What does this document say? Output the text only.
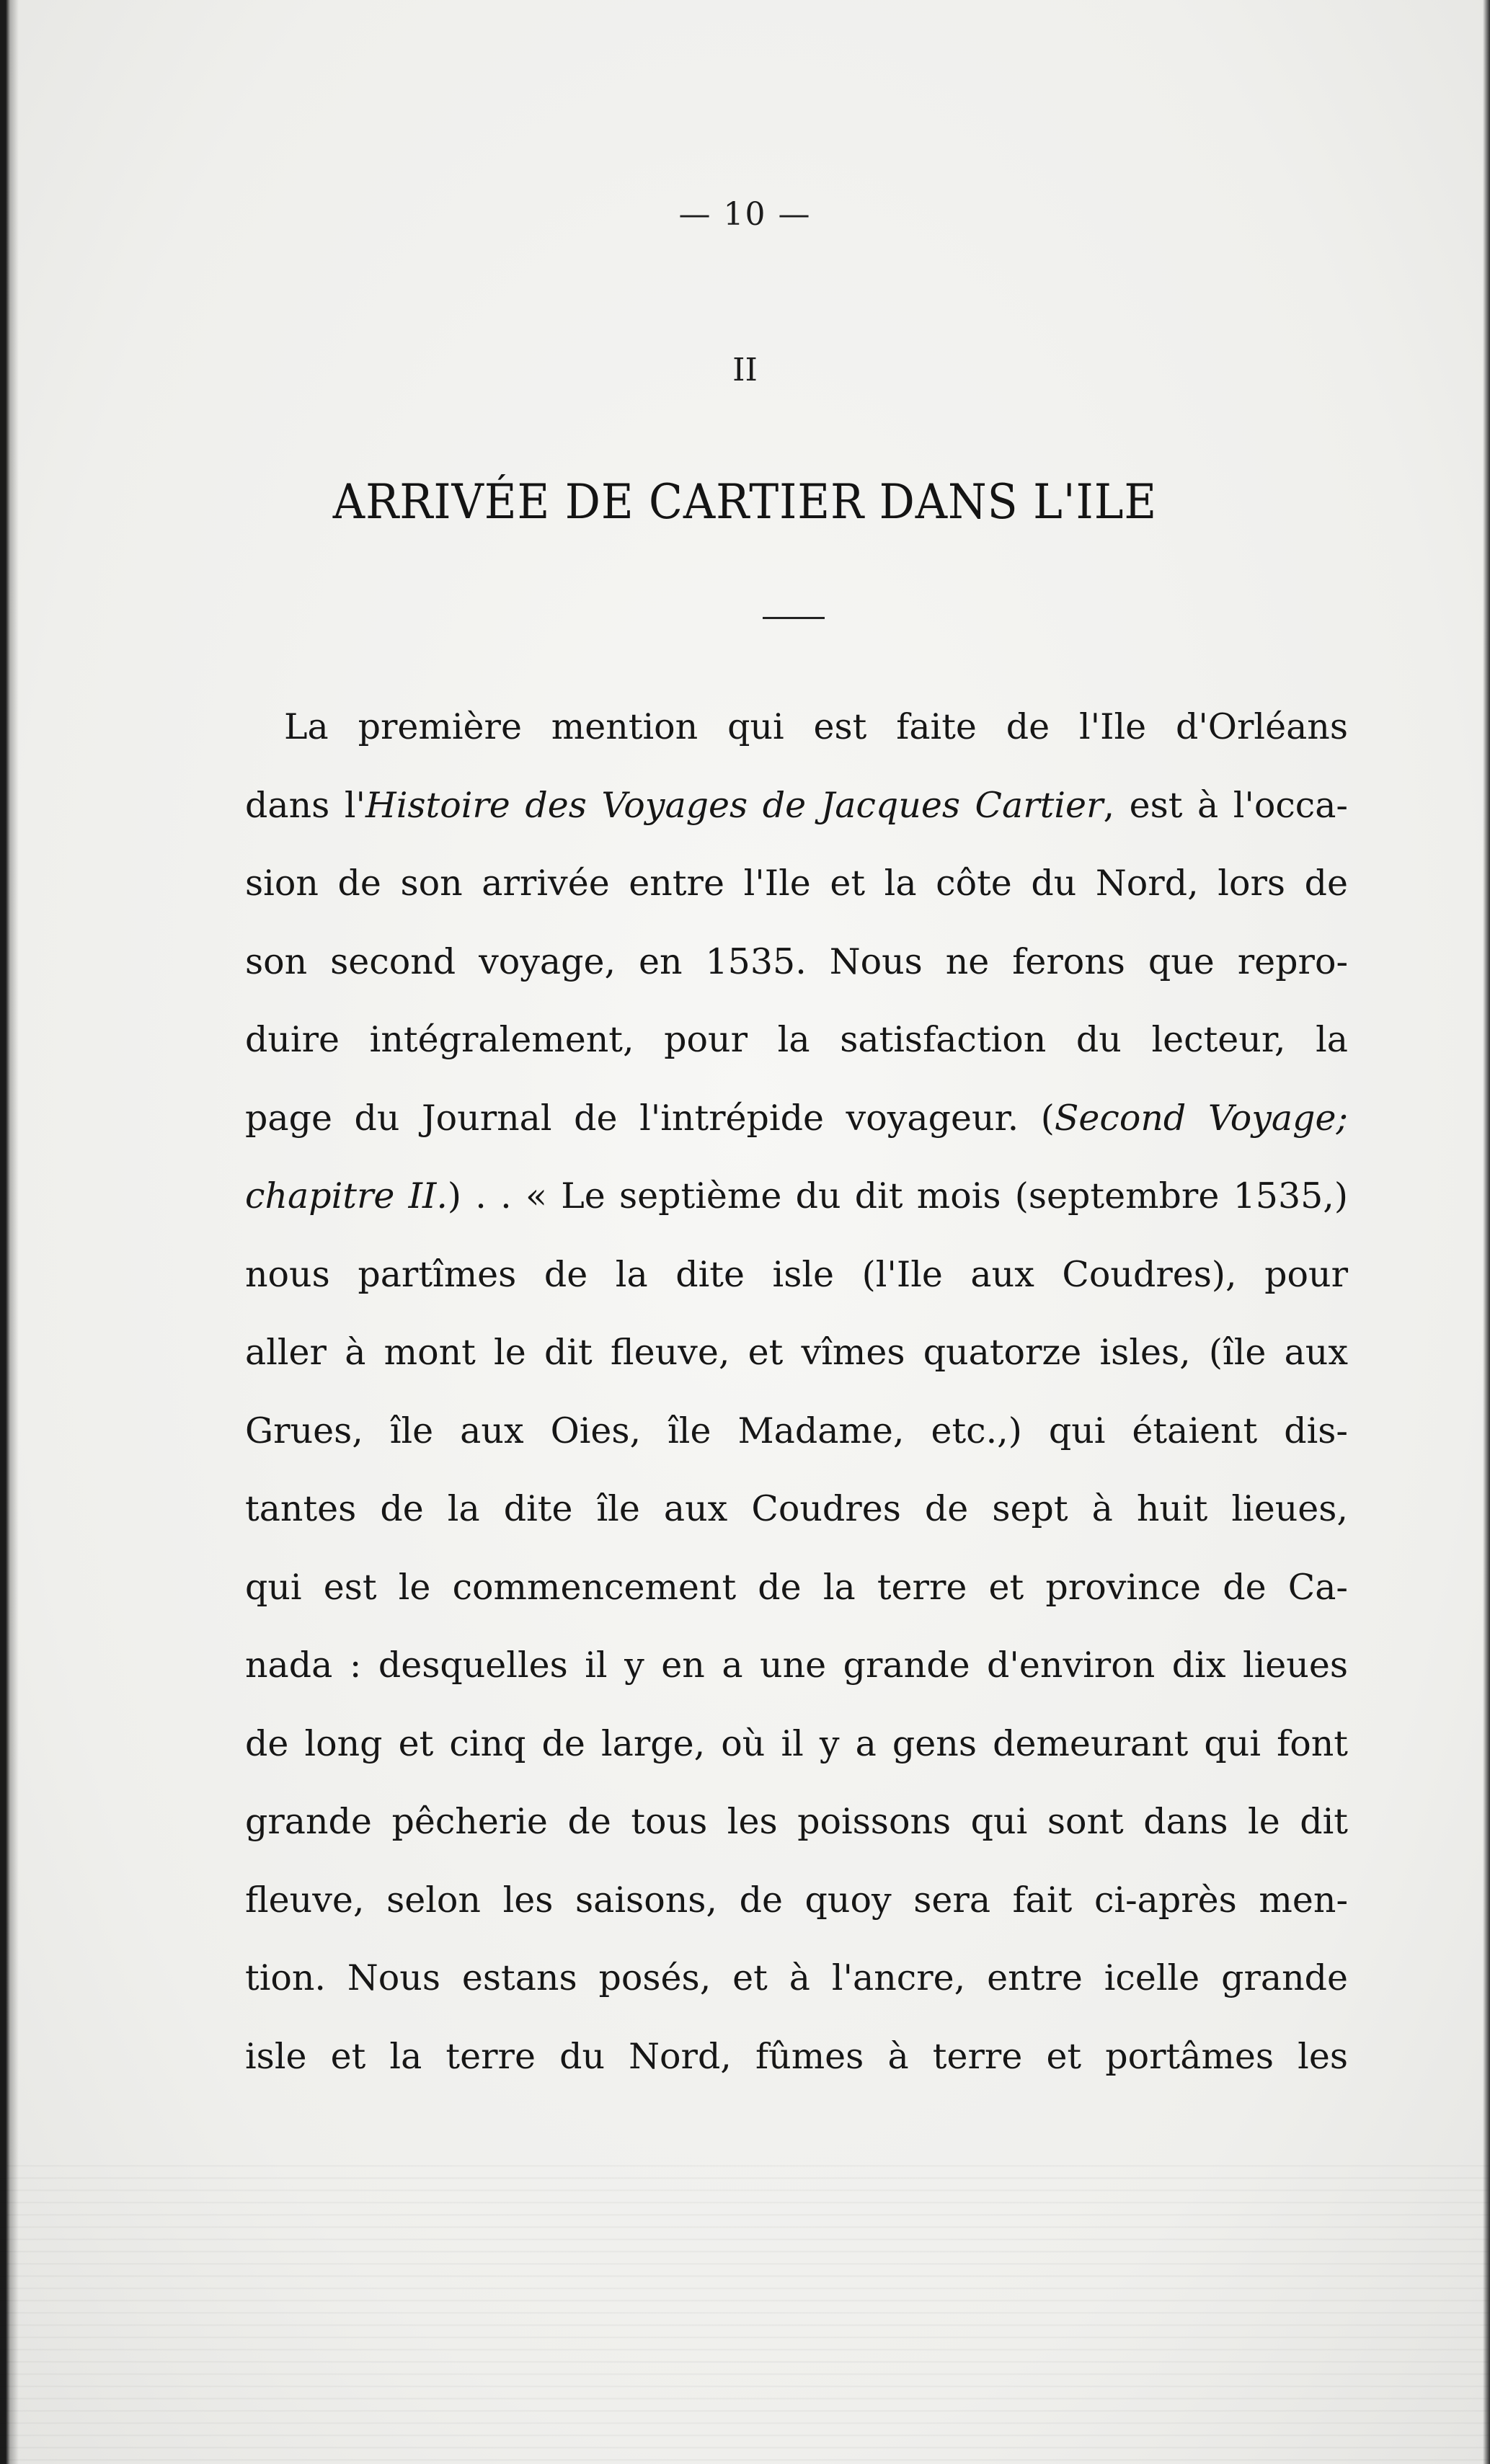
— 10 —
II
ARRIVÉE DE CARTIER DANS L'ILE
La première mention qui est faite de l'Ile d'Orléans
dans l'Histoire des Voyages de Jacques Cartier, est à l'occa-
sion de son arrivée entre l'Ile et la côte du Nord, lors de
son second voyage, en 1535. Nous ne ferons que repro-
duire intégralement, pour la satisfaction du lecteur, la
page du Journal de l'intrépide voyageur. (Second Voyage;
chapitre II.) . . « Le septième du dit mois (septembre 1535,)
nous partîmes de la dite isle (l'Ile aux Coudres), pour
aller à mont le dit fleuve, et vîmes quatorze isles, (île aux
Grues, île aux Oies, île Madame, etc.,) qui étaient dis-
tantes de la dite île aux Coudres de sept à huit lieues,
qui est le commencement de la terre et province de Ca-
nada : desquelles il y en a une grande d'environ dix lieues
de long et cinq de large, où il y a gens demeurant qui font
grande pêcherie de tous les poissons qui sont dans le dit
fleuve, selon les saisons, de quoy sera fait ci-après men-
tion. Nous estans posés, et à l'ancre, entre icelle grande
isle et la terre du Nord, fûmes à terre et portâmes les
